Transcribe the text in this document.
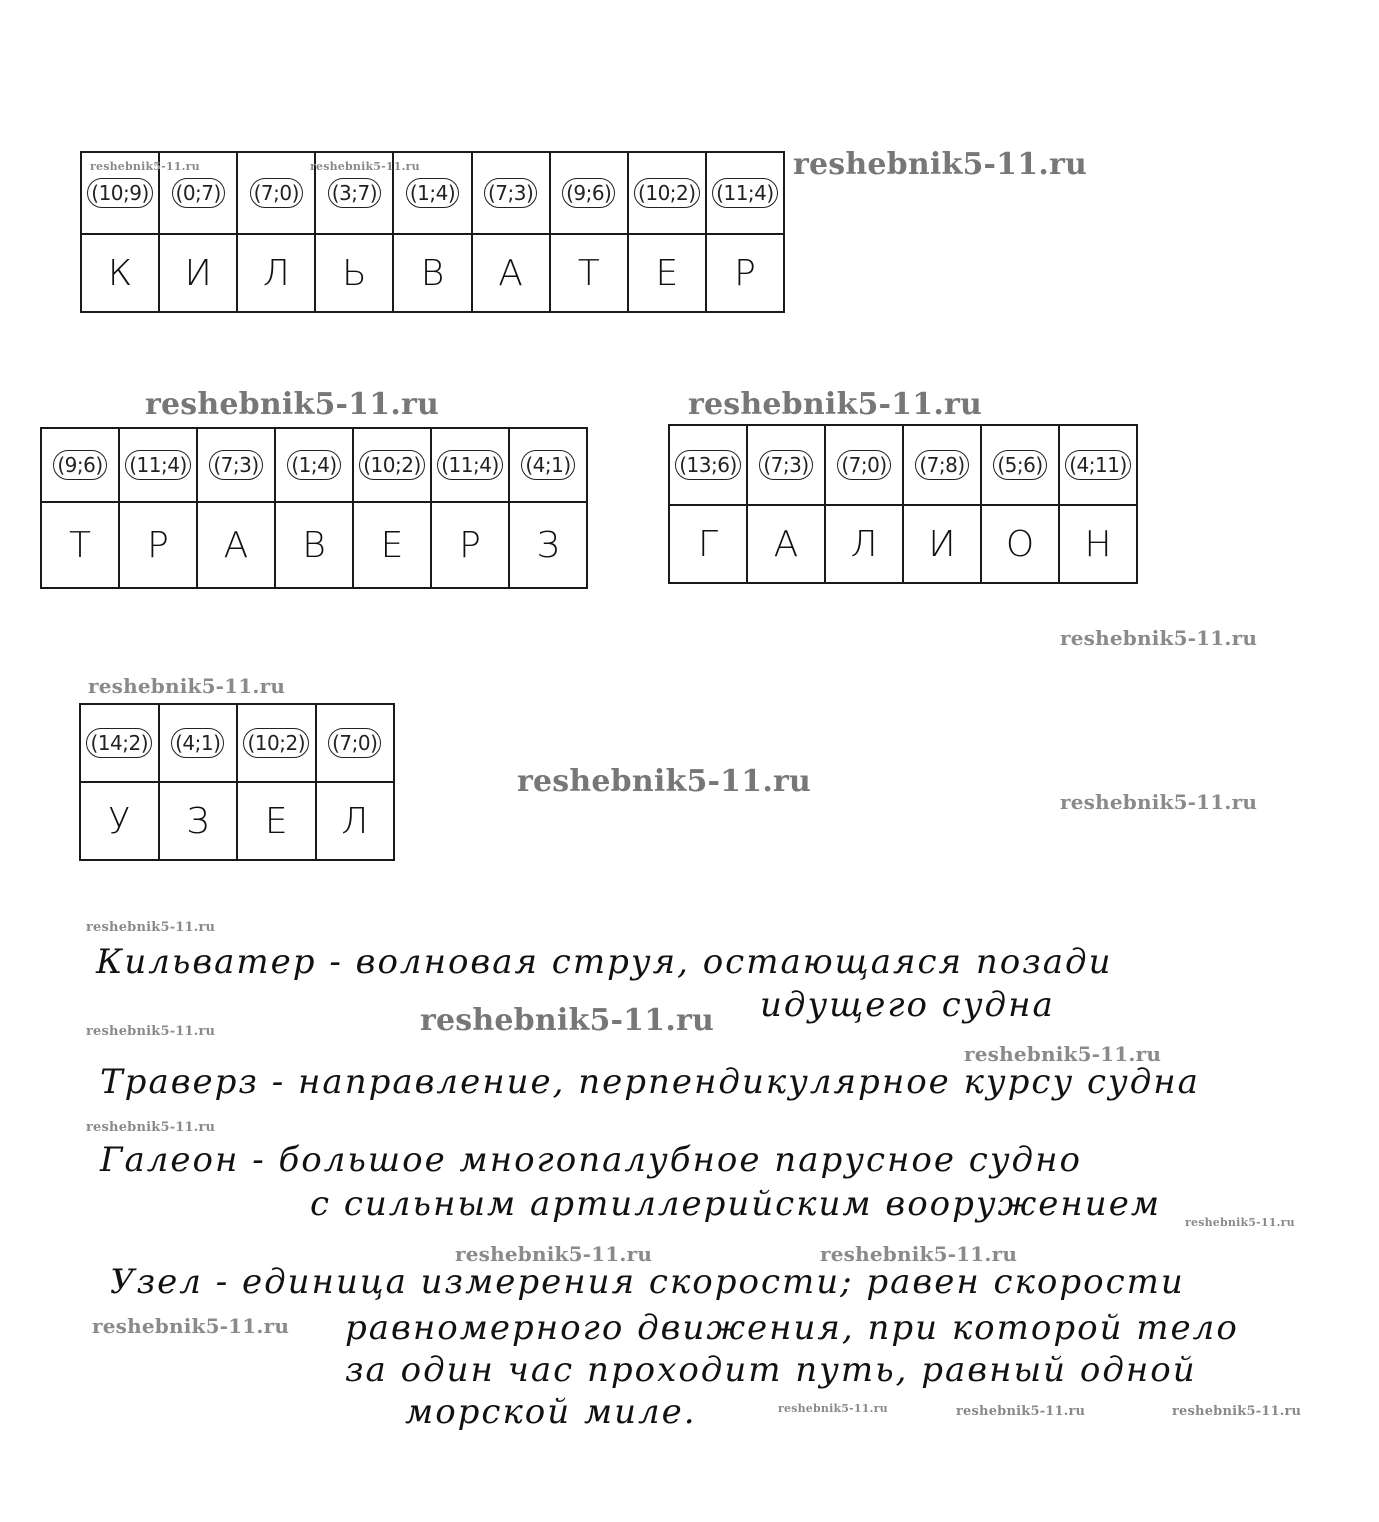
(10;9)	(0;7)	(7;0)	(3;7)	(1;4)	(7;3)	(9;6)	(10;2)	(11;4)
К	И	Л	Ь	В	А	Т	Е	Р
(9;6)	(11;4)	(7;3)	(1;4)	(10;2)	(11;4)	(4;1)
Т	Р	А	В	Е	Р	З
(13;6)	(7;3)	(7;0)	(7;8)	(5;6)	(4;11)
Г	А	Л	И	О	Н
(14;2)	(4;1)	(10;2)	(7;0)
У	З	Е	Л
Кильватер - волновая струя, остающаяся позади
идущего судна
Траверз - направление, перпендикулярное курсу судна
Галеон - большое многопалубное парусное судно
с сильным артиллерийским вооружением
Узел - единица измерения скорости; равен скорости
равномерного движения, при которой тело
за один час проходит путь, равный одной
морской миле.
reshebnik5-11.ru	reshebnik5-11.ru	reshebnik5-11.ru
reshebnik5-11.ru	reshebnik5-11.ru
reshebnik5-11.ru
reshebnik5-11.ru
reshebnik5-11.ru
reshebnik5-11.ru
reshebnik5-11.ru
reshebnik5-11.ru
reshebnik5-11.ru
reshebnik5-11.ru
reshebnik5-11.ru
reshebnik5-11.ru
reshebnik5-11.ru	reshebnik5-11.ru
reshebnik5-11.ru
reshebnik5-11.ru	reshebnik5-11.ru	reshebnik5-11.ru
